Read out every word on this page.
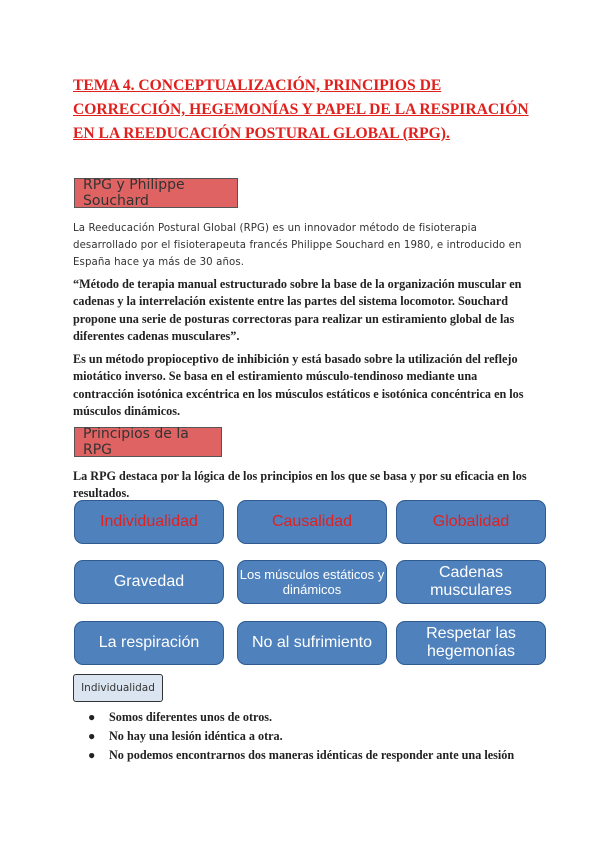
TEMA 4. CONCEPTUALIZACIÓN, PRINCIPIOS DE CORRECCIÓN, HEGEMONÍAS Y PAPEL DE LA RESPIRACIÓN EN LA REEDUCACIÓN POSTURAL GLOBAL (RPG).
RPG y Philippe Souchard
La Reeducación Postural Global (RPG) es un innovador método de fisioterapia desarrollado por el fisioterapeuta francés Philippe Souchard en 1980, e introducido en España hace ya más de 30 años.
“Método de terapia manual estructurado sobre la base de la organización muscular en cadenas y la interrelación existente entre las partes del sistema locomotor. Souchard propone una serie de posturas correctoras para realizar un estiramiento global de las diferentes cadenas musculares”.
Es un método propioceptivo de inhibición y está basado sobre la utilización del reflejo miotático inverso. Se basa en el estiramiento músculo-tendinoso mediante una contracción isotónica excéntrica en los músculos estáticos e isotónica concéntrica en los músculos dinámicos.
Principios de la RPG
La RPG destaca por la lógica de los principios en los que se basa y por su eficacia en los resultados.
Individualidad	Causalidad	Globalidad
Gravedad	Los músculos estáticos y dinámicos
Cadenas musculares
La respiración	No al sufrimiento
Respetar las hegemonías
Individualidad
● Somos diferentes unos de otros.
● No hay una lesión idéntica a otra.
● No podemos encontrarnos dos maneras idénticas de responder ante una lesión
